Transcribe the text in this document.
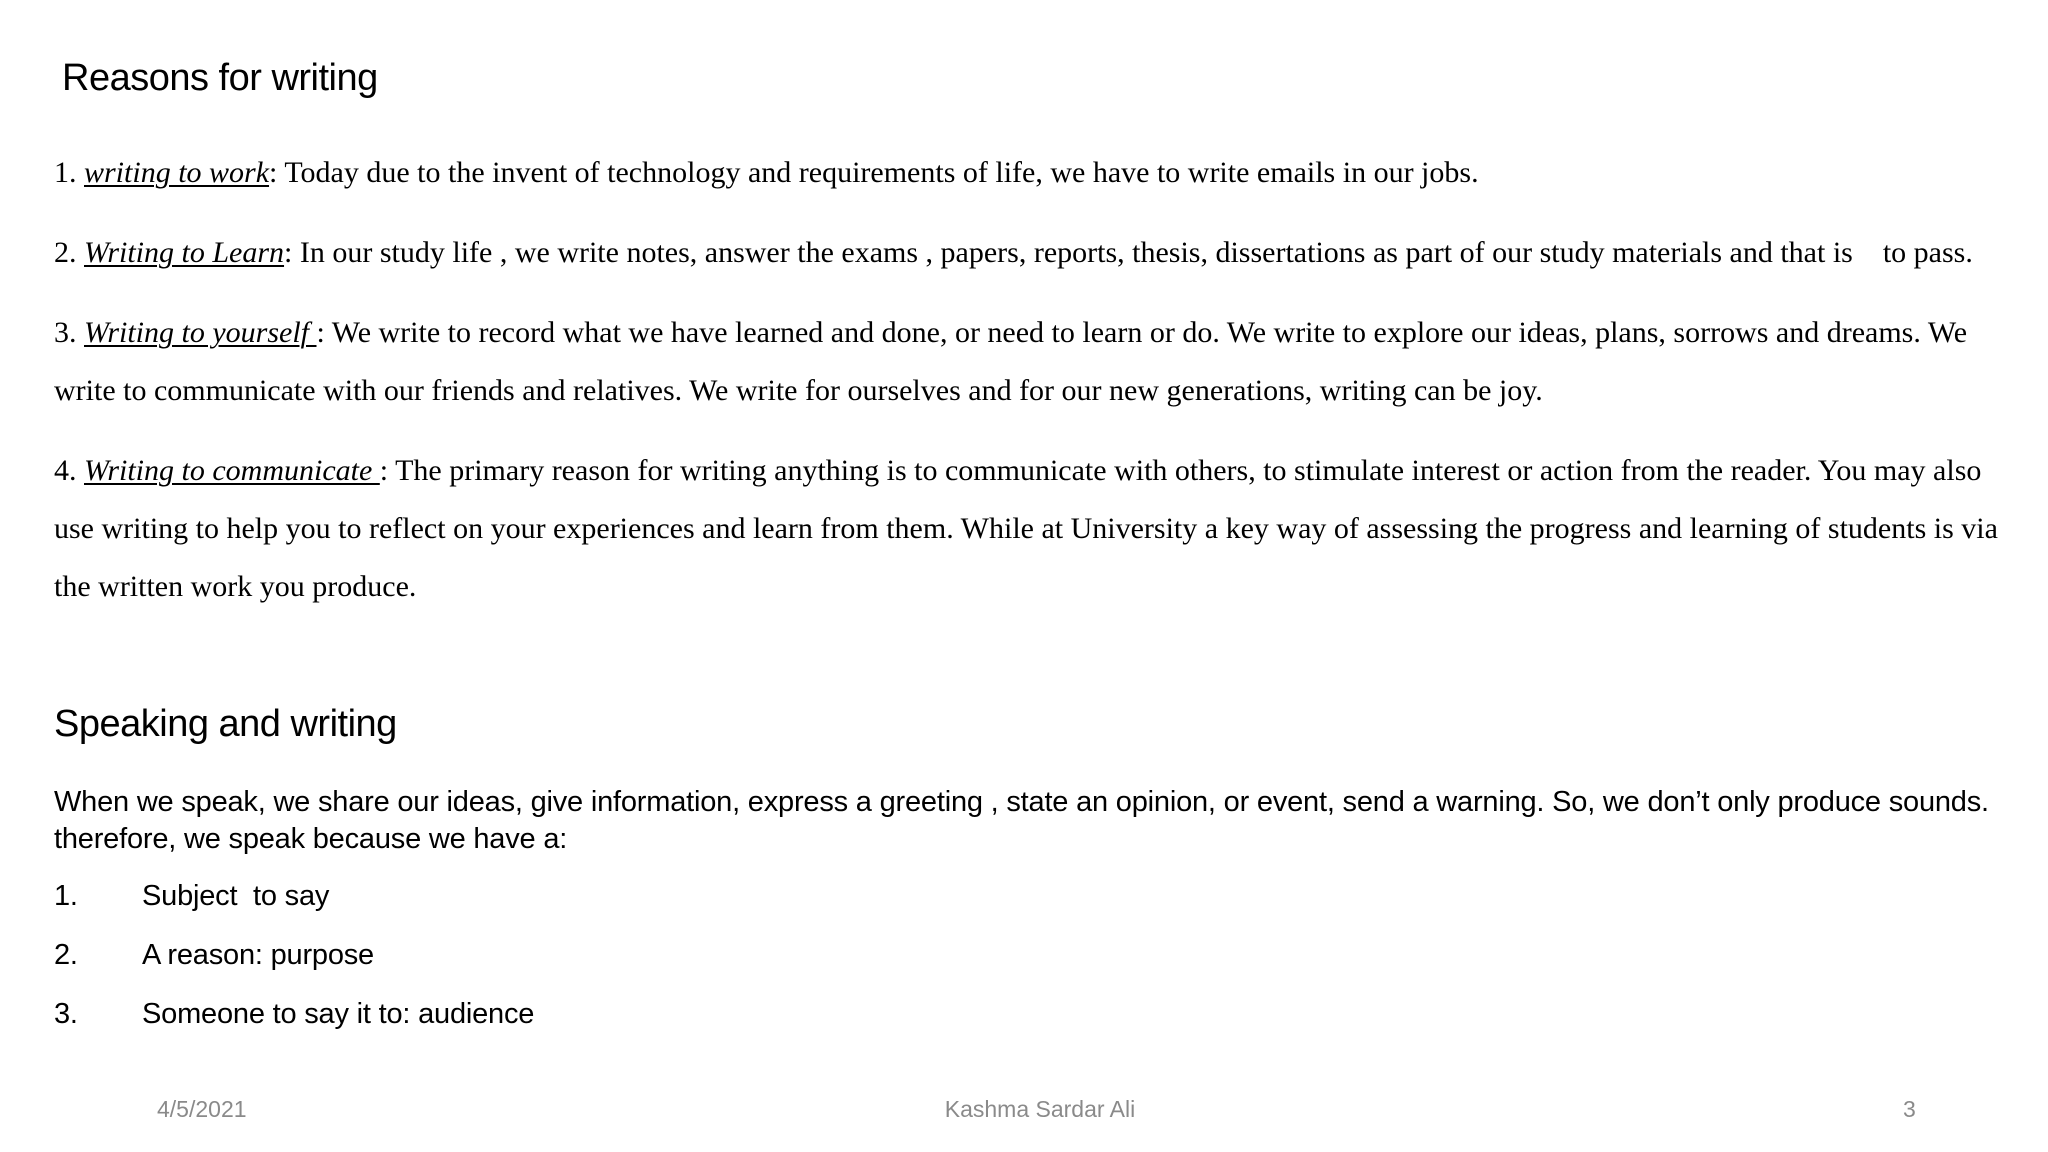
Reasons for writing

1. writing to work: Today due to the invent of technology and requirements of life, we have to write emails in our jobs.

2. Writing to Learn: In our study life , we write notes, answer the exams , papers, reports, thesis, dissertations as part of our study materials and that is    to pass.

3. Writing to yourself : We write to record what we have learned and done, or need to learn or do. We write to explore our ideas, plans, sorrows and dreams. We write to communicate with our friends and relatives. We write for ourselves and for our new generations, writing can be joy.

4. Writing to communicate : The primary reason for writing anything is to communicate with others, to stimulate interest or action from the reader. You may also use writing to help you to reflect on your experiences and learn from them. While at University a key way of assessing the progress and learning of students is via the written work you produce.

Speaking and writing

When we speak, we share our ideas, give information, express a greeting , state an opinion, or event, send a warning. So, we don’t only produce sounds. therefore, we speak because we have a:

1. Subject  to say
2. A reason: purpose
3. Someone to say it to: audience
4/5/2021	Kashma Sardar Ali	3
